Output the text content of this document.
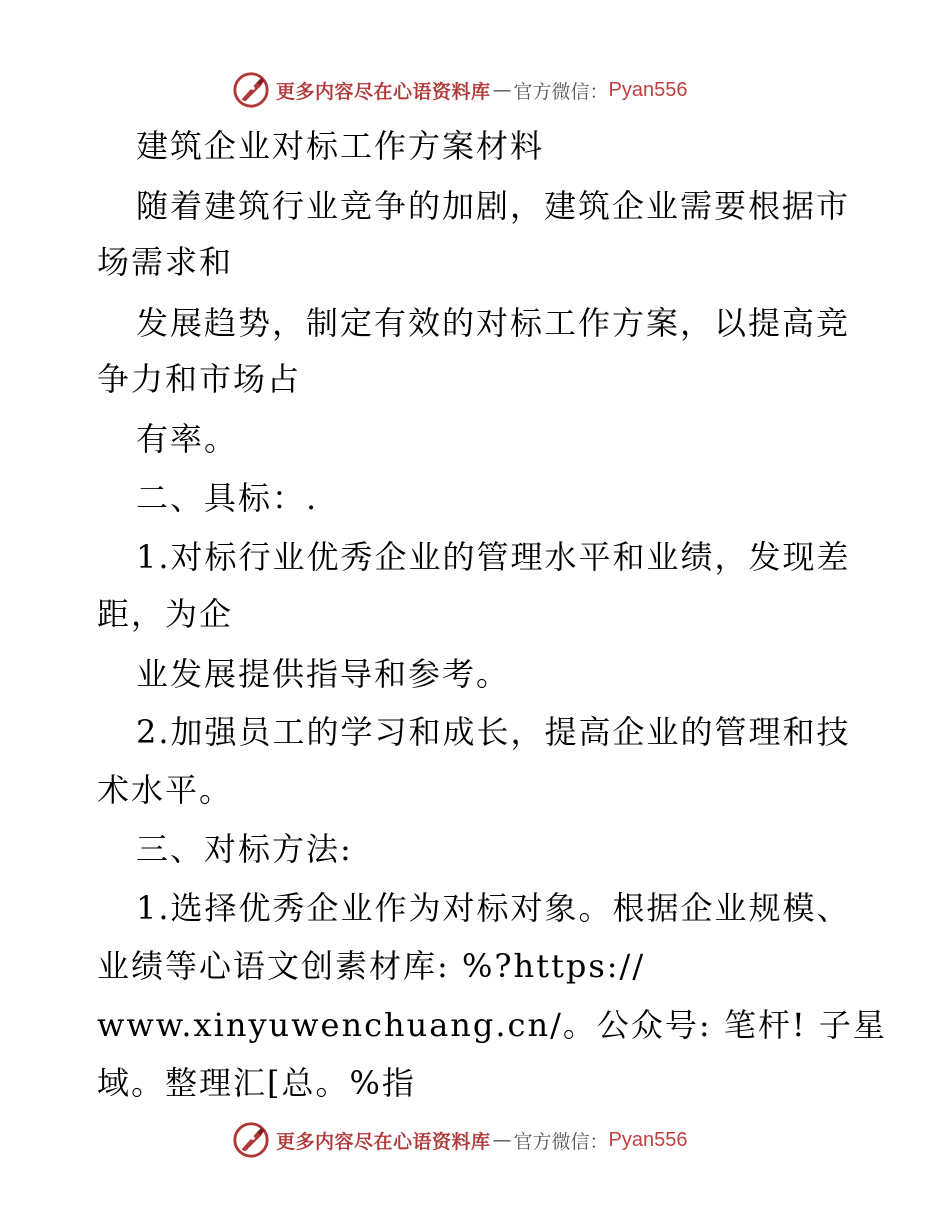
更多内容尽在心语资料库 — 官方微信： Pyan556
建筑企业对标工作方案材料
随着建筑行业竞争的加剧，建筑企业需要根据市
场需求和
发展趋势，制定有效的对标工作方案，以提高竞
争力和市场占
有率。
二、具标：.
1.对标行业优秀企业的管理水平和业绩，发现差
距，为企
业发展提供指导和参考。
2.加强员工的学习和成长，提高企业的管理和技
术水平。
三、对标方法:
1.选择优秀企业作为对标对象。根据企业规模、
业绩等心语文创素材库: %?https://
www.xinyuwenchuang.cn/。公众号: 笔杆! 子星
域。整理汇[总。%指
更多内容尽在心语资料库 — 官方微信： Pyan556
